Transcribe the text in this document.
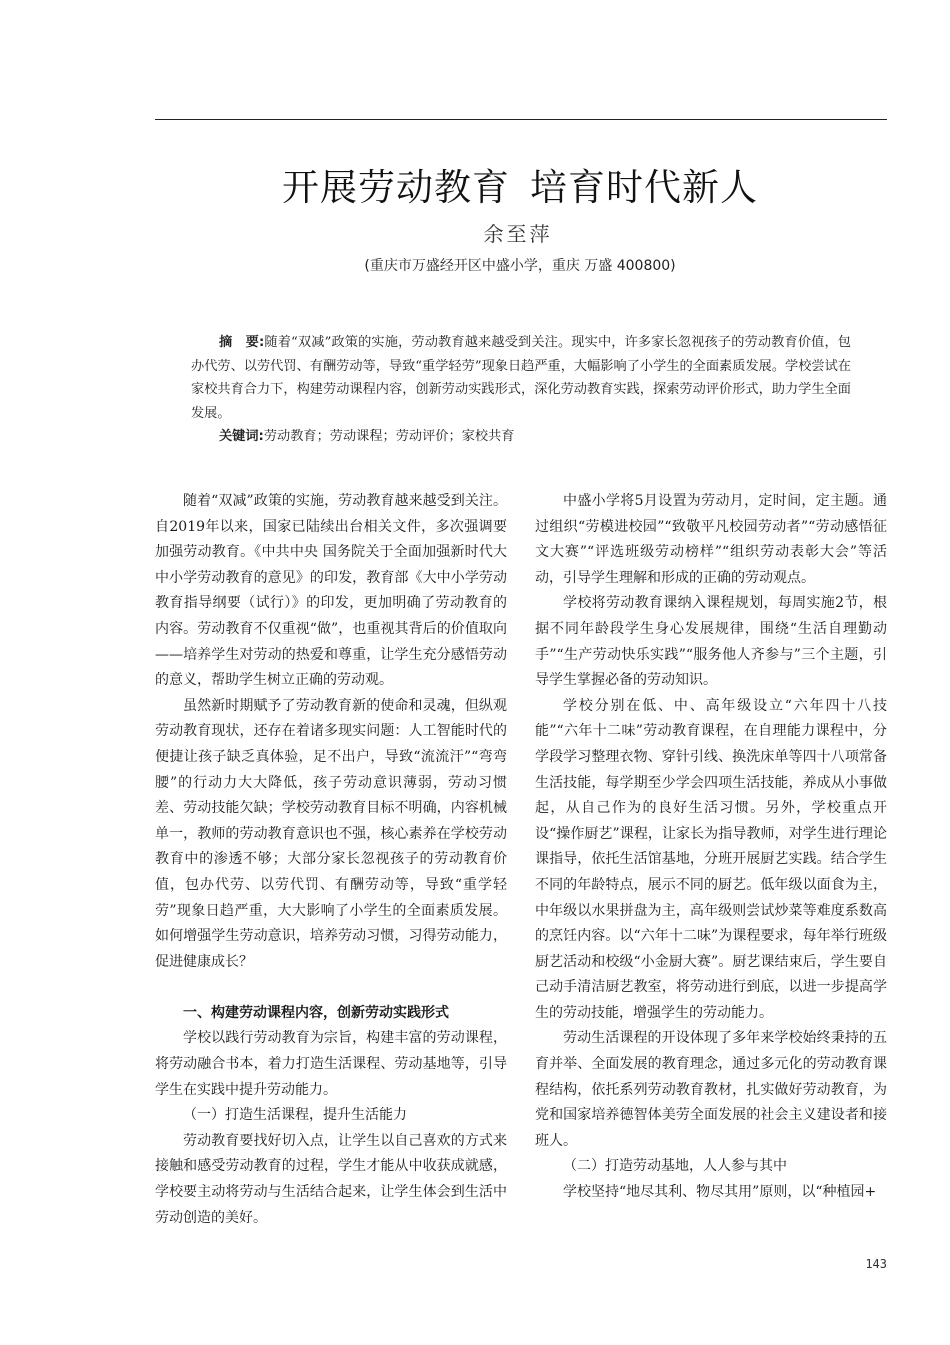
开展劳动教育 培育时代新人
余至萍
(重庆市万盛经开区中盛小学，重庆 万盛 400800)

摘　要:随着“双减”政策的实施，劳动教育越来越受到关注。现实中，许多家长忽视孩子的劳动教育价值，包办代劳、以劳代罚、有酬劳动等，导致“重学轻劳”现象日趋严重，大幅影响了小学生的全面素质发展。学校尝试在家校共育合力下，构建劳动课程内容，创新劳动实践形式，深化劳动教育实践，探索劳动评价形式，助力学生全面发展。

关键词:劳动教育；劳动课程；劳动评价；家校共育

随着“双减”政策的实施，劳动教育越来越受到关注。自2019年以来，国家已陆续出台相关文件，多次强调要加强劳动教育。《中共中央 国务院关于全面加强新时代大中小学劳动教育的意见》的印发，教育部《大中小学劳动教育指导纲要（试行）》的印发，更加明确了劳动教育的内容。劳动教育不仅重视“做”，也重视其背后的价值取向——培养学生对劳动的热爱和尊重，让学生充分感悟劳动的意义，帮助学生树立正确的劳动观。

虽然新时期赋予了劳动教育新的使命和灵魂，但纵观劳动教育现状，还存在着诸多现实问题：人工智能时代的便捷让孩子缺乏真体验，足不出户，导致“流流汗”“弯弯腰”的行动力大大降低，孩子劳动意识薄弱，劳动习惯差、劳动技能欠缺；学校劳动教育目标不明确，内容机械单一，教师的劳动教育意识也不强，核心素养在学校劳动教育中的渗透不够；大部分家长忽视孩子的劳动教育价值，包办代劳、以劳代罚、有酬劳动等，导致“重学轻劳”现象日趋严重，大大影响了小学生的全面素质发展。如何增强学生劳动意识，培养劳动习惯，习得劳动能力，促进健康成长？

一、构建劳动课程内容，创新劳动实践形式

学校以践行劳动教育为宗旨，构建丰富的劳动课程，将劳动融合书本，着力打造生活课程、劳动基地等，引导学生在实践中提升劳动能力。

（一）打造生活课程，提升生活能力

劳动教育要找好切入点，让学生以自己喜欢的方式来接触和感受劳动教育的过程，学生才能从中收获成就感，学校要主动将劳动与生活结合起来，让学生体会到生活中劳动创造的美好。

中盛小学将5月设置为劳动月，定时间，定主题。通过组织“劳模进校园”“致敬平凡校园劳动者”“劳动感悟征文大赛”“评选班级劳动榜样”“组织劳动表彰大会”等活动，引导学生理解和形成的正确的劳动观点。

学校将劳动教育课纳入课程规划，每周实施2节，根据不同年龄段学生身心发展规律，围绕“生活自理勤动手”“生产劳动快乐实践”“服务他人齐参与”三个主题，引导学生掌握必备的劳动知识。

学校分别在低、中、高年级设立“六年四十八技能”“六年十二味”劳动教育课程，在自理能力课程中，分学段学习整理衣物、穿针引线、换洗床单等四十八项常备生活技能，每学期至少学会四项生活技能，养成从小事做起，从自己作为的良好生活习惯。另外，学校重点开设“操作厨艺”课程，让家长为指导教师，对学生进行理论课指导，依托生活馆基地，分班开展厨艺实践。结合学生不同的年龄特点，展示不同的厨艺。低年级以面食为主，中年级以水果拼盘为主，高年级则尝试炒菜等难度系数高的烹饪内容。以“六年十二味”为课程要求，每年举行班级厨艺活动和校级“小金厨大赛”。厨艺课结束后，学生要自己动手清洁厨艺教室，将劳动进行到底，以进一步提高学生的劳动技能，增强学生的劳动能力。

劳动生活课程的开设体现了多年来学校始终秉持的五育并举、全面发展的教育理念，通过多元化的劳动教育课程结构，依托系列劳动教育教材，扎实做好劳动教育，为党和国家培养德智体美劳全面发展的社会主义建设者和接班人。

（二）打造劳动基地，人人参与其中

学校坚持“地尽其利、物尽其用”原则，以“种植园+

143
